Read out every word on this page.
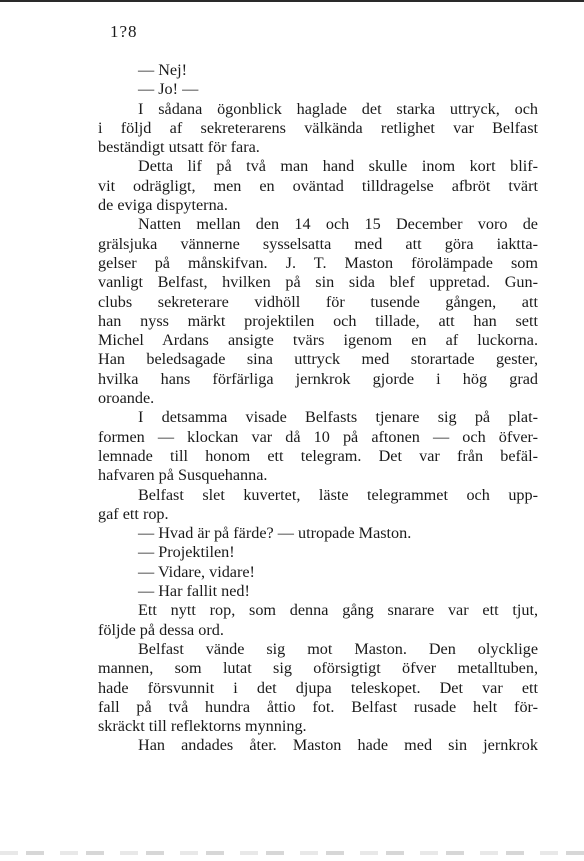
1?8
— Nej!
— Jo! —
I sådana ögonblick haglade det starka uttryck, och
i följd af sekreterarens välkända retlighet var Belfast
beständigt utsatt för fara.
Detta lif på två man hand skulle inom kort blif-
vit odrägligt, men en oväntad tilldragelse afbröt tvärt
de eviga dispyterna.
Natten mellan den 14 och 15 December voro de
grälsjuka vännerne sysselsatta med att göra iaktta-
gelser på månskifvan. J. T. Maston förolämpade som
vanligt Belfast, hvilken på sin sida blef uppretad. Gun-
clubs sekreterare vidhöll för tusende gången, att
han nyss märkt projektilen och tillade, att han sett
Michel Ardans ansigte tvärs igenom en af luckorna.
Han beledsagade sina uttryck med storartade gester,
hvilka hans förfärliga jernkrok gjorde i hög grad
oroande.
I detsamma visade Belfasts tjenare sig på plat-
formen — klockan var då 10 på aftonen — och öfver-
lemnade till honom ett telegram. Det var från befäl-
hafvaren på Susquehanna.
Belfast slet kuvertet, läste telegrammet och upp-
gaf ett rop.
— Hvad är på färde? — utropade Maston.
— Projektilen!
— Vidare, vidare!
— Har fallit ned!
Ett nytt rop, som denna gång snarare var ett tjut,
följde på dessa ord.
Belfast vände sig mot Maston. Den olycklige
mannen, som lutat sig oförsigtigt öfver metalltuben,
hade försvunnit i det djupa teleskopet. Det var ett
fall på två hundra åttio fot. Belfast rusade helt för-
skräckt till reflektorns mynning.
Han andades åter. Maston hade med sin jernkrok
